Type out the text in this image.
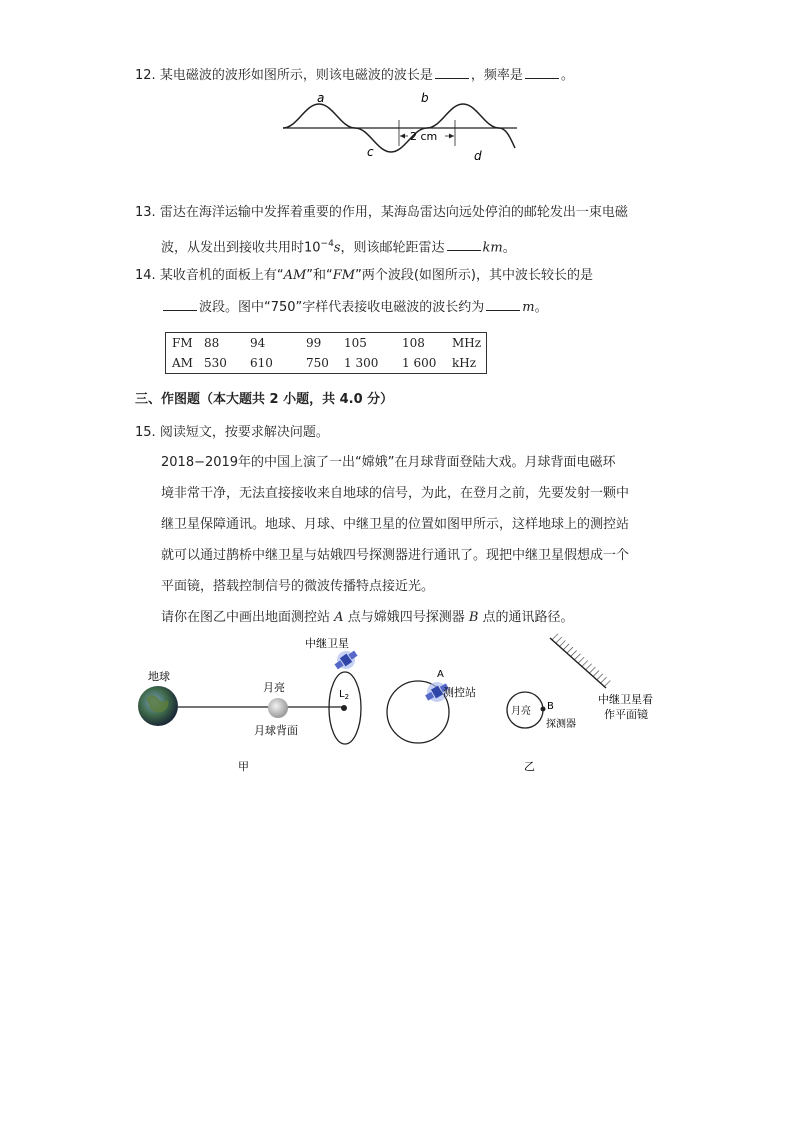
12. 某电磁波的波形如图所示，则该电磁波的波长是	，频率是	。
a	b
c	d
2 cm
13. 雷达在海洋运输中发挥着重要的作用，某海岛雷达向远处停泊的邮轮发出一束电磁
波，从发出到接收共用时$10^{-4}s$，则该邮轮距雷达	km。
14. 某收音机的面板上有“AM”和“FM”两个波段(如图所示)，其中波长较长的是
波段。图中“750”字样代表接收电磁波的波长约为	m。
FM	88	94	99	105	108	MHz
AM	530	610	750	1 300	1 600	kHz
三、作图题（本大题共 2 小题，共 4.0 分）
15. 阅读短文，按要求解决问题。
2018−2019年的中国上演了一出“嫦娥”在月球背面登陆大戏。月球背面电磁环
境非常干净，无法直接接收来自地球的信号，为此，在登月之前，先要发射一颗中
继卫星保障通讯。地球、月球、中继卫星的位置如图甲所示，这样地球上的测控站
就可以通过鹊桥中继卫星与姑娥四号探测器进行通讯了。现把中继卫星假想成一个
平面镜，搭载控制信号的微波传播特点接近光。
请你在图乙中画出地面测控站 A 点与嫦娥四号探测器 B 点的通讯路径。
地球
月亮
月球背面
中继卫星
$L_2$
A
测控站
甲
月亮 B
探测器
中继卫星看
作平面镜
乙
